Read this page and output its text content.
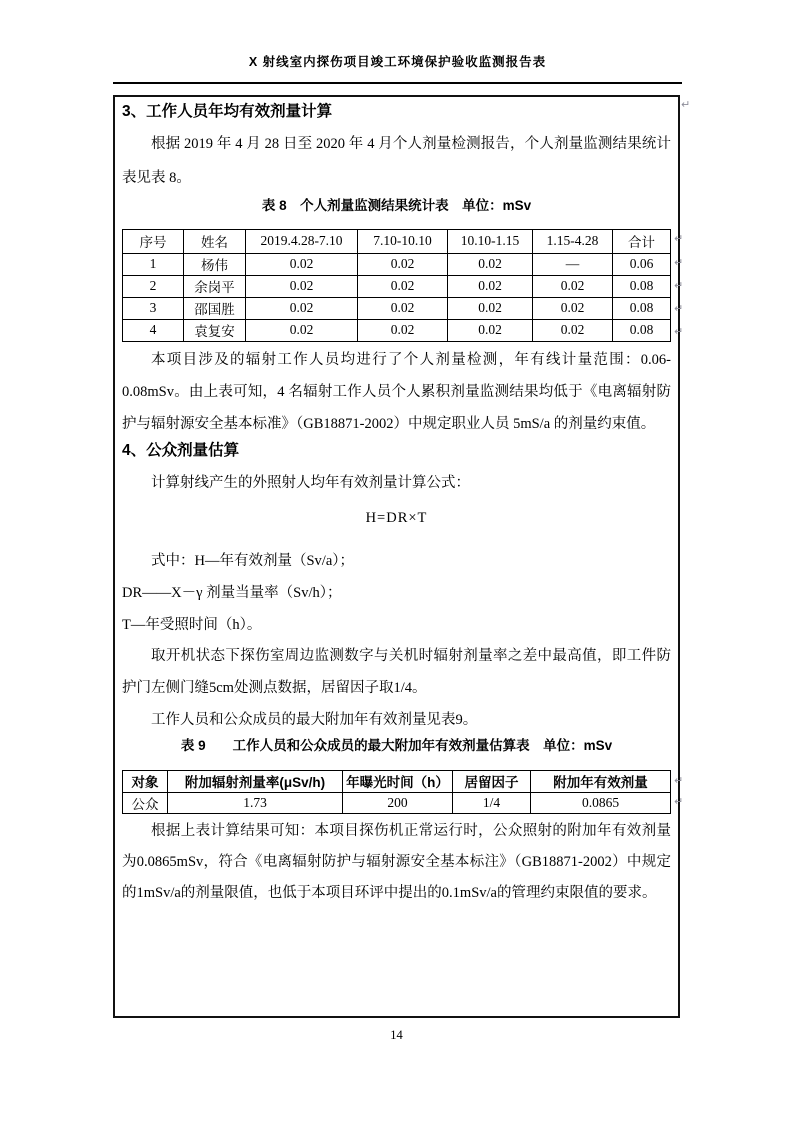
X 射线室内探伤项目竣工环境保护验收监测报告表
↵

3、工作人员年均有效剂量计算

根据 2019 年 4 月 28 日至 2020 年 4 月个人剂量检测报告，个人剂量监测结果统计表见表 8。

表 8　个人剂量监测结果统计表　单位：mSv

序号	姓名	2019.4.28-7.10	7.10-10.10	10.10-1.15	1.15-4.28	合计
1	杨伟	0.02	0.02	0.02	—	0.06
2	余岗平	0.02	0.02	0.02	0.02	0.08
3	邵国胜	0.02	0.02	0.02	0.02	0.08
4	袁复安	0.02	0.02	0.02	0.02	0.08
↵
↵
↵
↵
↵

本项目涉及的辐射工作人员均进行了个人剂量检测，年有线计量范围：0.06-0.08mSv。由上表可知，4 名辐射工作人员个人累积剂量监测结果均低于《电离辐射防护与辐射源安全基本标准》（GB18871-2002）中规定职业人员 5mS/a 的剂量约束值。

4、公众剂量估算

计算射线产生的外照射人均年有效剂量计算公式：

H=DR×T

式中：H—年有效剂量（Sv/a）；

DR——X－γ 剂量当量率（Sv/h）；

T—年受照时间（h）。

取开机状态下探伤室周边监测数字与关机时辐射剂量率之差中最高值，即工件防护门左侧门缝5cm处测点数据，居留因子取1/4。

工作人员和公众成员的最大附加年有效剂量见表9。

表 9　　工作人员和公众成员的最大附加年有效剂量估算表　单位：mSv

对象	附加辐射剂量率(μSv/h)	年曝光时间（h）	居留因子	附加年有效剂量
公众	1.73	200	1/4	0.0865
↵
↵

根据上表计算结果可知：本项目探伤机正常运行时，公众照射的附加年有效剂量为0.0865mSv，符合《电离辐射防护与辐射源安全基本标注》（GB18871-2002）中规定的1mSv/a的剂量限值，也低于本项目环评中提出的0.1mSv/a的管理约束限值的要求。

14
